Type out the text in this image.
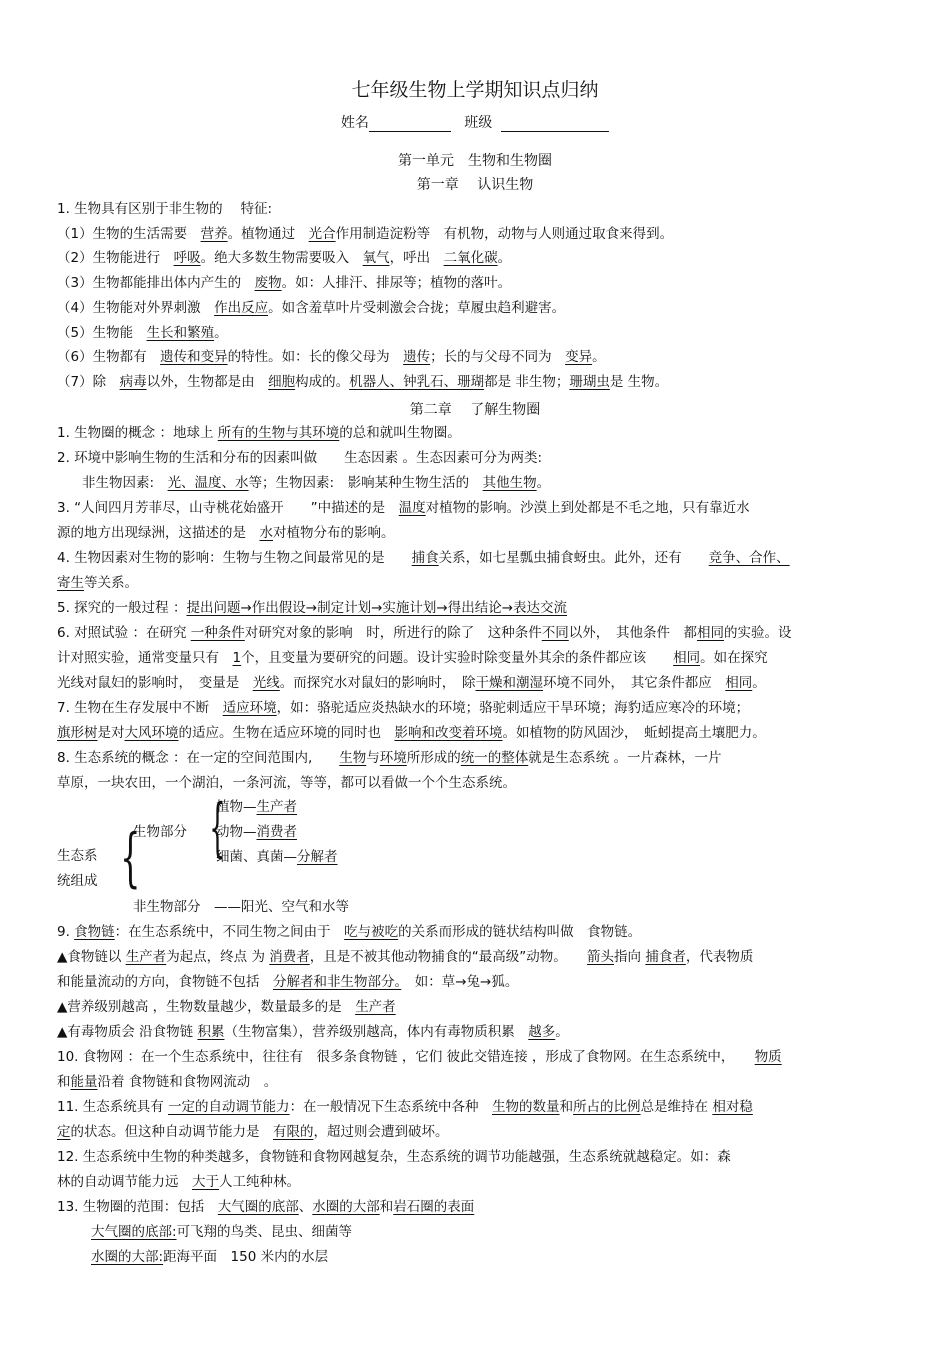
七年级生物上学期知识点归纳
姓名	班级
第一单元　生物和生物圈
第一章　 认识生物
1. 生物具有区别于非生物的　 特征:
（1）生物的生活需要　营养。植物通过　光合作用制造淀粉等　有机物，动物与人则通过取食来得到。
（2）生物能进行　呼吸。绝大多数生物需要吸入　氧气，呼出　二氧化碳。
（3）生物都能排出体内产生的　废物。如：人排汗、排尿等；植物的落叶。
（4）生物能对外界刺激　作出反应。如含羞草叶片受刺激会合拢；草履虫趋利避害。
（5）生物能　生长和繁殖。
（6）生物都有　遗传和变异的特性。如：长的像父母为　遗传；长的与父母不同为　变异。
（7）除　病毒以外，生物都是由　细胞构成的。机器人、钟乳石、珊瑚都是 非生物；珊瑚虫是 生物。
第二章　 了解生物圈
1. 生物圈的概念 ：地球上 所有的生物与其环境的总和就叫生物圈。
2. 环境中影响生物的生活和分布的因素叫做　　生态因素 。生态因素可分为两类:
非生物因素:　光、温度、水等；生物因素:　影响某种生物生活的　其他生物。
3. “人间四月芳菲尽，山寺桃花始盛开　　”中描述的是　温度对植物的影响。沙漠上到处都是不毛之地，只有靠近水
源的地方出现绿洲，这描述的是　水对植物分布的影响。
4. 生物因素对生物的影响：生物与生物之间最常见的是　　捕食关系，如七星瓢虫捕食蚜虫。此外，还有　　竞争、合作、
寄生等关系。
5. 探究的一般过程 ：提出问题→作出假设→制定计划→实施计划→得出结论→表达交流
6. 对照试验 ：在研究 一种条件对研究对象的影响　时，所进行的除了　这种条件不同以外，　其他条件　都相同的实验。设
计对照实验，通常变量只有　1个，且变量为要研究的问题。设计实验时除变量外其余的条件都应该　　相同。如在探究
光线对鼠妇的影响时，　变量是　光线。而探究水对鼠妇的影响时，　除干燥和潮湿环境不同外，　其它条件都应　相同。
7. 生物在生存发展中不断　适应环境，如：骆驼适应炎热缺水的环境；骆驼刺适应干旱环境；海豹适应寒冷的环境；
旗形树是对大风环境的适应。生物在适应环境的同时也　影响和改变着环境。如植物的防风固沙，　蚯蚓提高土壤肥力。
8. 生态系统的概念 ：在一定的空间范围内,　　生物与环境所形成的统一的整体就是生态系统 。一片森林，一片
草原，一块农田，一个湖泊，一条河流，等等，都可以看做一个个生态系统。
生态系
统组成 {
生物部分 {
植物—生产者
动物—消费者
细菌、真菌—分解者
非生物部分　——阳光、空气和水等
9. 食物链：在生态系统中，不同生物之间由于　吃与被吃的关系而形成的链状结构叫做　食物链。
▲食物链以 生产者为起点，终点 为 消费者，且是不被其他动物捕食的“最高级”动物。　　箭头指向 捕食者，代表物质
和能量流动的方向，食物链不包括　分解者和非生物部分。　如：草→兔→狐。
▲营养级别越高 ，生物数量越少，数量最多的是　生产者
▲有毒物质会 沿食物链 积累（生物富集），营养级别越高，体内有毒物质积累　越多。
10. 食物网 ：在一个生态系统中，往往有　很多条食物链 ，它们 彼此交错连接 ，形成了食物网。在生态系统中，　　物质
和能量沿着 食物链和食物网流动　。
11. 生态系统具有 一定的自动调节能力：在一般情况下生态系统中各种　生物的数量和所占的比例总是维持在 相对稳
定的状态。但这种自动调节能力是　有限的，超过则会遭到破坏。
12. 生态系统中生物的种类越多，食物链和食物网越复杂，生态系统的调节功能越强，生态系统就越稳定。如：森
林的自动调节能力远　大于人工纯种林。
13. 生物圈的范围：包括　大气圈的底部、水圈的大部和岩石圈的表面
大气圈的底部:可飞翔的鸟类、昆虫、细菌等
水圈的大部:距海平面　150 米内的水层
